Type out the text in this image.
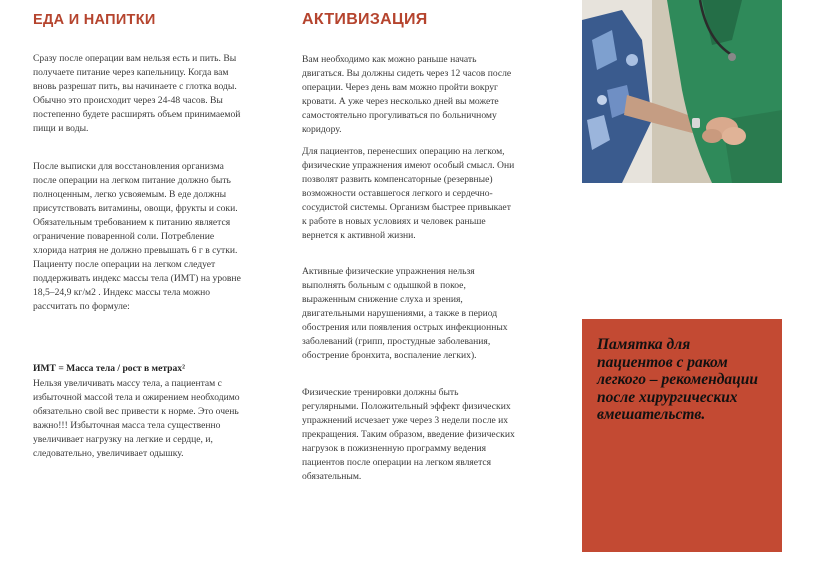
ЕДА И НАПИТКИ

Сразу после операции вам нельзя есть и пить. Вы получаете питание через капельницу. Когда вам вновь разрешат пить, вы начинаете с глотка воды. Обычно это происходит через 24-48 часов. Вы постепенно будете расширять объем принимаемой пищи и воды.

После выписки для восстановления организма после операции на легком питание должно быть полноценным, легко усвояемым. В еде должны присутствовать витамины, овощи, фрукты и соки. Обязательным требованием к питанию является ограничение поваренной соли. Потребление хлорида натрия не должно превышать 6 г в сутки. Пациенту после операции на легком следует поддерживать индекс массы тела (ИМТ) на уровне 18,5–24,9 кг/м2 . Индекс массы тела можно рассчитать по формуле:

ИМТ = Масса тела / рост в метрах²

Нельзя увеличивать массу тела, а пациентам с избыточной массой тела и ожирением необходимо обязательно свой вес привести к норме. Это очень важно!!! Избыточная масса тела существенно увеличивает нагрузку на легкие и сердце, и, следовательно, увеличивает одышку.

АКТИВИЗАЦИЯ

Вам необходимо как можно раньше начать двигаться. Вы должны сидеть через 12 часов после операции. Через день вам можно пройти вокруг кровати. А уже через несколько дней вы можете самостоятельно прогуливаться по больничному коридору.

Для пациентов, перенесших операцию на легком, физические упражнения имеют особый смысл. Они позволят развить компенсаторные (резервные) возможности оставшегося легкого и сердечно-сосудистой системы. Организм быстрее привыкает к работе в новых условиях и человек раньше вернется к активной жизни.

Активные физические упражнения нельзя выполнять больным с одышкой в покое, выраженным снижение слуха и зрения, двигательными нарушениями, а также в период обострения или появления острых инфекционных заболеваний (грипп, простудные заболевания, обострение бронхита, воспаление легких).

Физические тренировки должны быть регулярными. Положительный эффект физических упражнений исчезает уже через 3 недели после их прекращения. Таким образом, введение физических нагрузок в пожизненную программу ведения пациентов после операции на легком является обязательным.

Памятка для пациентов с раком легкого – рекомендации после хирургических вмешательств.
